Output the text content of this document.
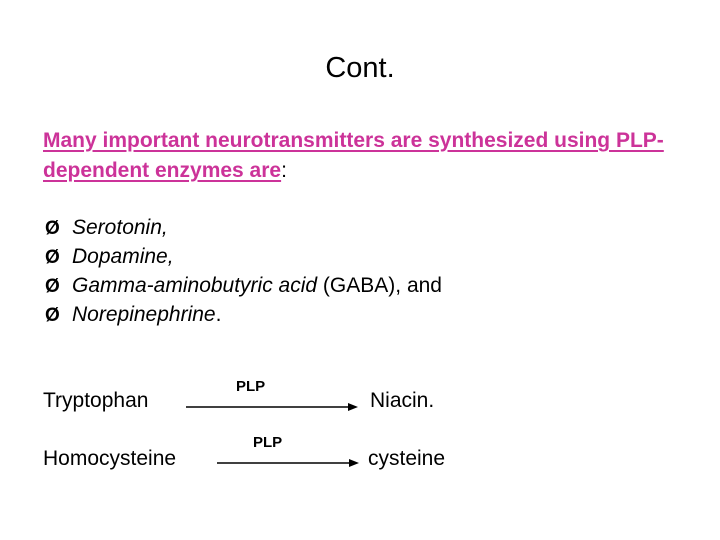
Cont.
Many important neurotransmitters are synthesized using PLP-dependent enzymes are:
Ø Serotonin,
Ø Dopamine,
Ø Gamma-aminobutyric acid (GABA), and
Ø Norepinephrine .
Tryptophan
PLP
Niacin.
Homocysteine
PLP
cysteine
